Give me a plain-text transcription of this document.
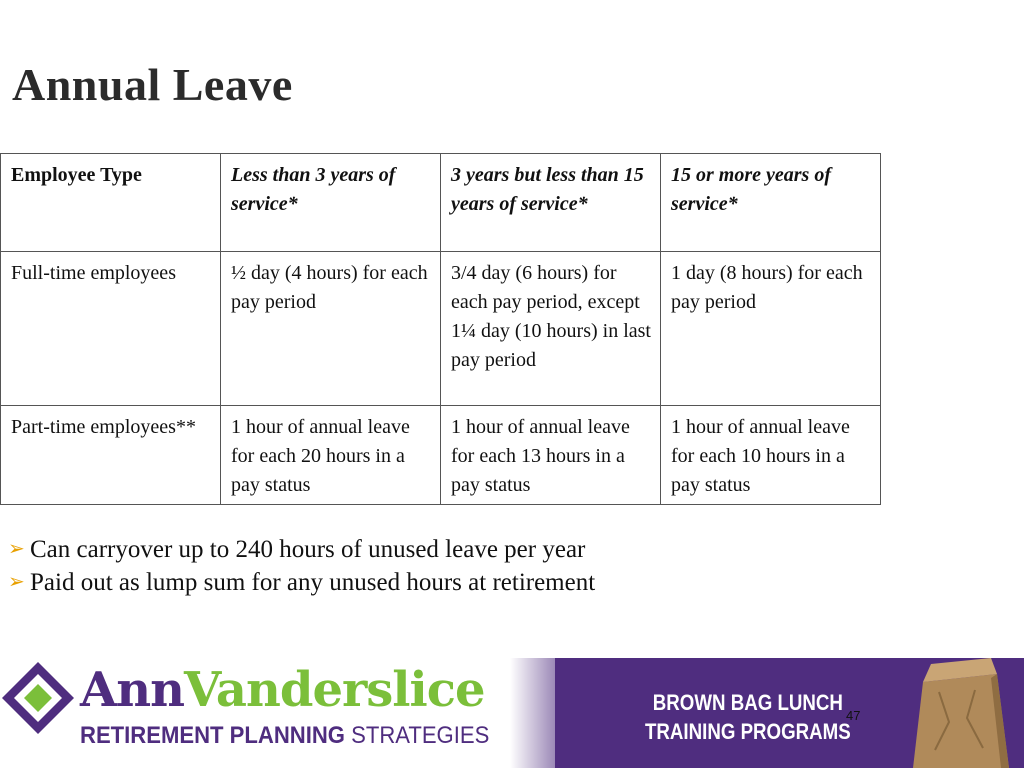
Annual Leave
Employee Type	Less than 3 years of service*	3 years but less than 15 years of service*	15 or more years of service*
Full-time employees	½ day (4 hours) for each pay period	3/4 day (6 hours) for each pay period, except 1¼ day (10 hours) in last pay period	1 day (8 hours) for each pay period
Part-time employees**	1 hour of annual leave for each 20 hours in a pay status	1 hour of annual leave for each 13 hours in a pay status	1 hour of annual leave for each 10 hours in a pay status
➢ Can carryover up to 240 hours of unused leave per year
➢ Paid out as lump sum for any unused hours at retirement
AnnVanderslice
RETIREMENT PLANNING STRATEGIES
BROWN BAG LUNCH
TRAINING PROGRAMS
47
